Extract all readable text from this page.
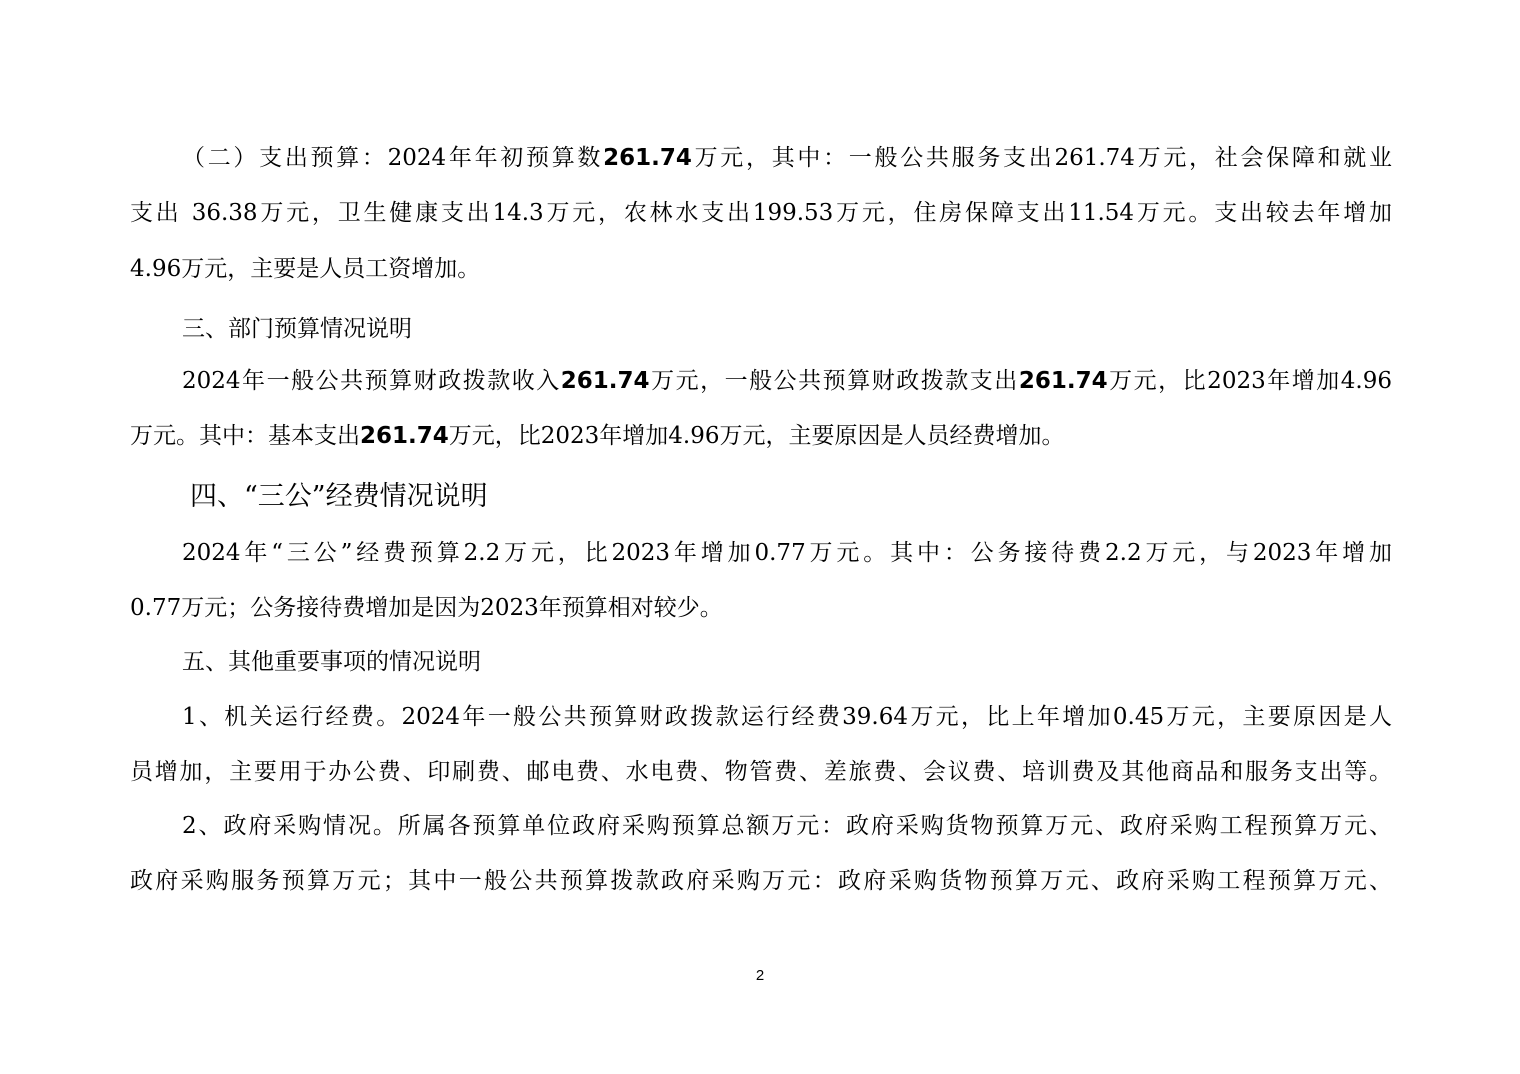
（二）支出预算：2024年年初预算数261.74万元，其中：一般公共服务支出261.74万元，社会保障和就业
支出 36.38万元，卫生健康支出14.3万元，农林水支出199.53万元，住房保障支出11.54万元。支出较去年增加
4.96万元，主要是人员工资增加。
三、部门预算情况说明
2024年一般公共预算财政拨款收入261.74万元，一般公共预算财政拨款支出261.74万元，比2023年增加4.96
万元。其中：基本支出261.74万元，比2023年增加4.96万元，主要原因是人员经费增加。
四、“三公”经费情况说明
2024年“三公”经费预算2.2万元，比2023年增加0.77万元。其中：公务接待费2.2万元，与2023年增加
0.77万元；公务接待费增加是因为2023年预算相对较少。
五、其他重要事项的情况说明
1、机关运行经费。2024年一般公共预算财政拨款运行经费39.64万元，比上年增加0.45万元，主要原因是人
员增加，主要用于办公费、印刷费、邮电费、水电费、物管费、差旅费、会议费、培训费及其他商品和服务支出等。
2、政府采购情况。所属各预算单位政府采购预算总额万元：政府采购货物预算万元、政府采购工程预算万元、
政府采购服务预算万元；其中一般公共预算拨款政府采购万元：政府采购货物预算万元、政府采购工程预算万元、
2
